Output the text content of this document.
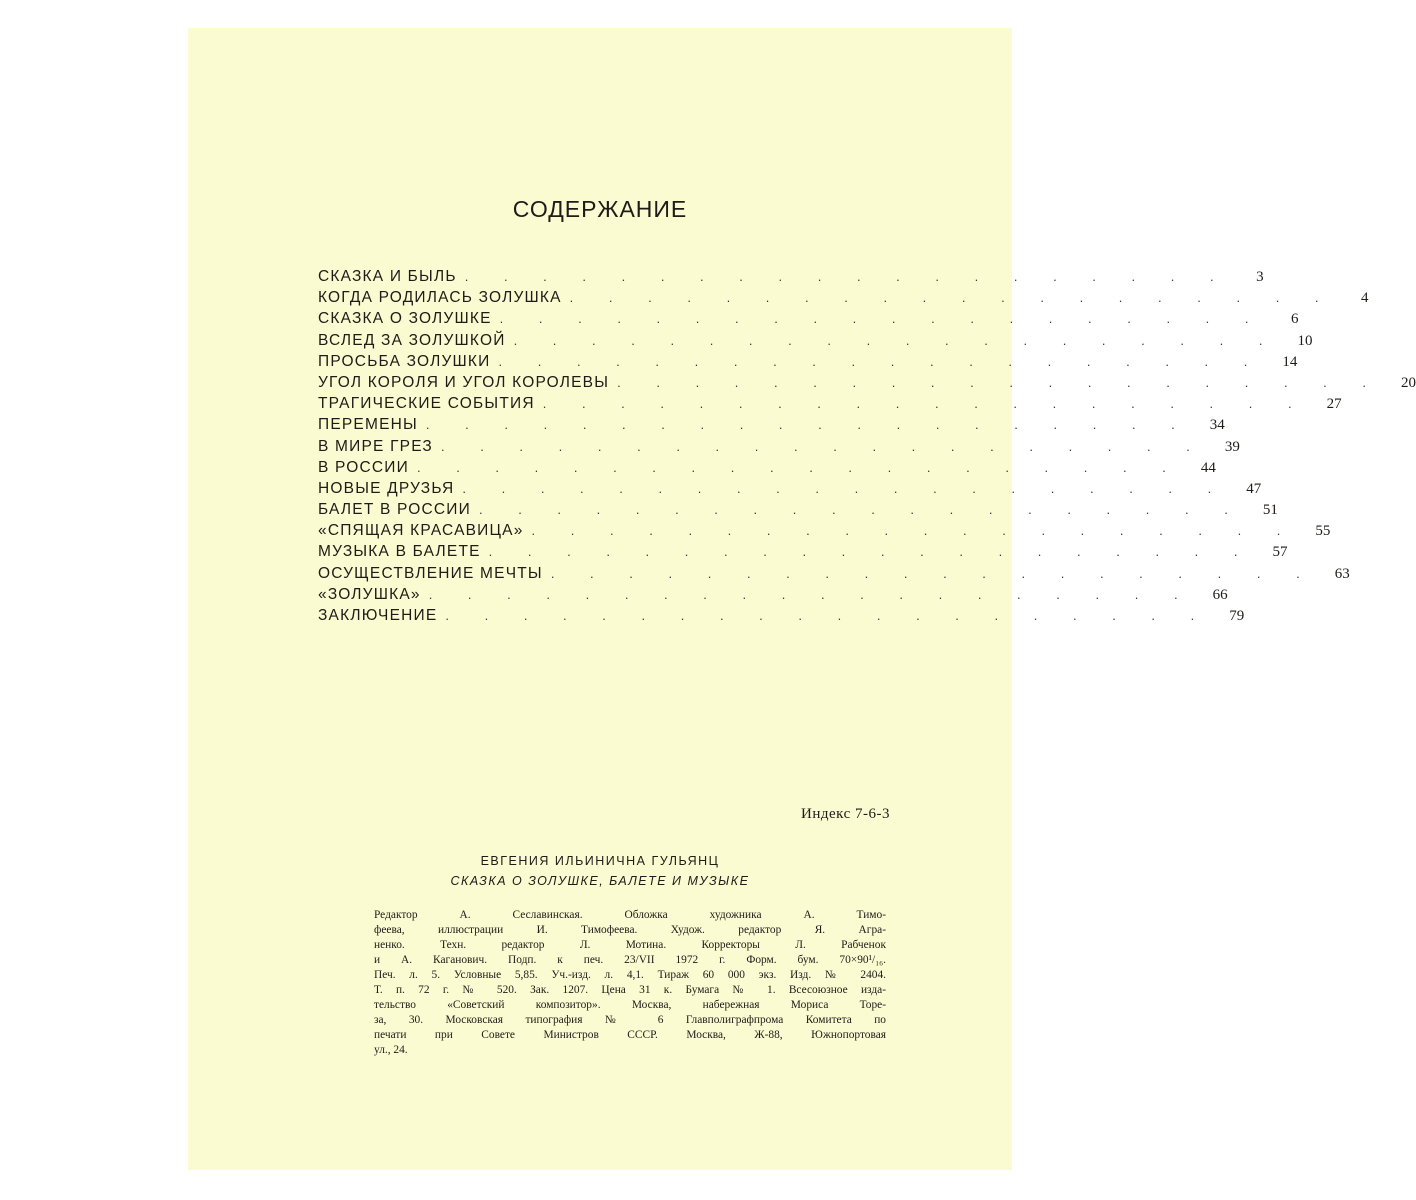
СОДЕРЖАНИЕ
СКАЗКА И БЫЛЬ . . . . . . . . . . . . . . . . . . . .	3
КОГДА РОДИЛАСЬ ЗОЛУШКА . . . . . . . . . . . . . . . . . . . .	4
СКАЗКА О ЗОЛУШКЕ . . . . . . . . . . . . . . . . . . . .	6
ВСЛЕД ЗА ЗОЛУШКОЙ . . . . . . . . . . . . . . . . . . . .	10
ПРОСЬБА ЗОЛУШКИ . . . . . . . . . . . . . . . . . . . .	14
УГОЛ КОРОЛЯ И УГОЛ КОРОЛЕВЫ . . . . . . . . . . . . . . . . . . . .	20
ТРАГИЧЕСКИЕ СОБЫТИЯ . . . . . . . . . . . . . . . . . . . .	27
ПЕРЕМЕНЫ . . . . . . . . . . . . . . . . . . . .	34
В МИРЕ ГРЕЗ . . . . . . . . . . . . . . . . . . . .	39
В РОССИИ . . . . . . . . . . . . . . . . . . . .	44
НОВЫЕ ДРУЗЬЯ . . . . . . . . . . . . . . . . . . . .	47
БАЛЕТ В РОССИИ . . . . . . . . . . . . . . . . . . . .	51
«СПЯЩАЯ КРАСАВИЦА» . . . . . . . . . . . . . . . . . . . .	55
МУЗЫКА В БАЛЕТЕ . . . . . . . . . . . . . . . . . . . .	57
ОСУЩЕСТВЛЕНИЕ МЕЧТЫ . . . . . . . . . . . . . . . . . . . .	63
«ЗОЛУШКА» . . . . . . . . . . . . . . . . . . . .	66
ЗАКЛЮЧЕНИЕ . . . . . . . . . . . . . . . . . . . .	79
Индекс 7-6-3
ЕВГЕНИЯ ИЛЬИНИЧНА ГУЛЬЯНЦ
СКАЗКА О ЗОЛУШКЕ, БАЛЕТЕ И МУЗЫКЕ
Редактор А. Сеславинская. Обложка художника А. Тимо-
феева, иллюстрации И. Тимофеева. Худож. редактор Я. Агра-
ненко. Техн. редактор Л. Мотина. Корректоры Л. Рабченок
и А. Каганович. Подп. к печ. 23/VII 1972 г. Форм. бум. 70×90¹/₁₆.
Печ. л. 5. Условные 5,85. Уч.-изд. л. 4,1. Тираж 60 000 экз. Изд. № 2404.
Т. п. 72 г. № 520. Зак. 1207. Цена 31 к. Бумага № 1. Всесоюзное изда-
тельство «Советский композитор». Москва, набережная Мориса Торе-
за, 30. Московская типография № 6 Главполиграфпрома Комитета по
печати при Совете Министров СССР. Москва, Ж-88, Южнопортовая
ул., 24.
